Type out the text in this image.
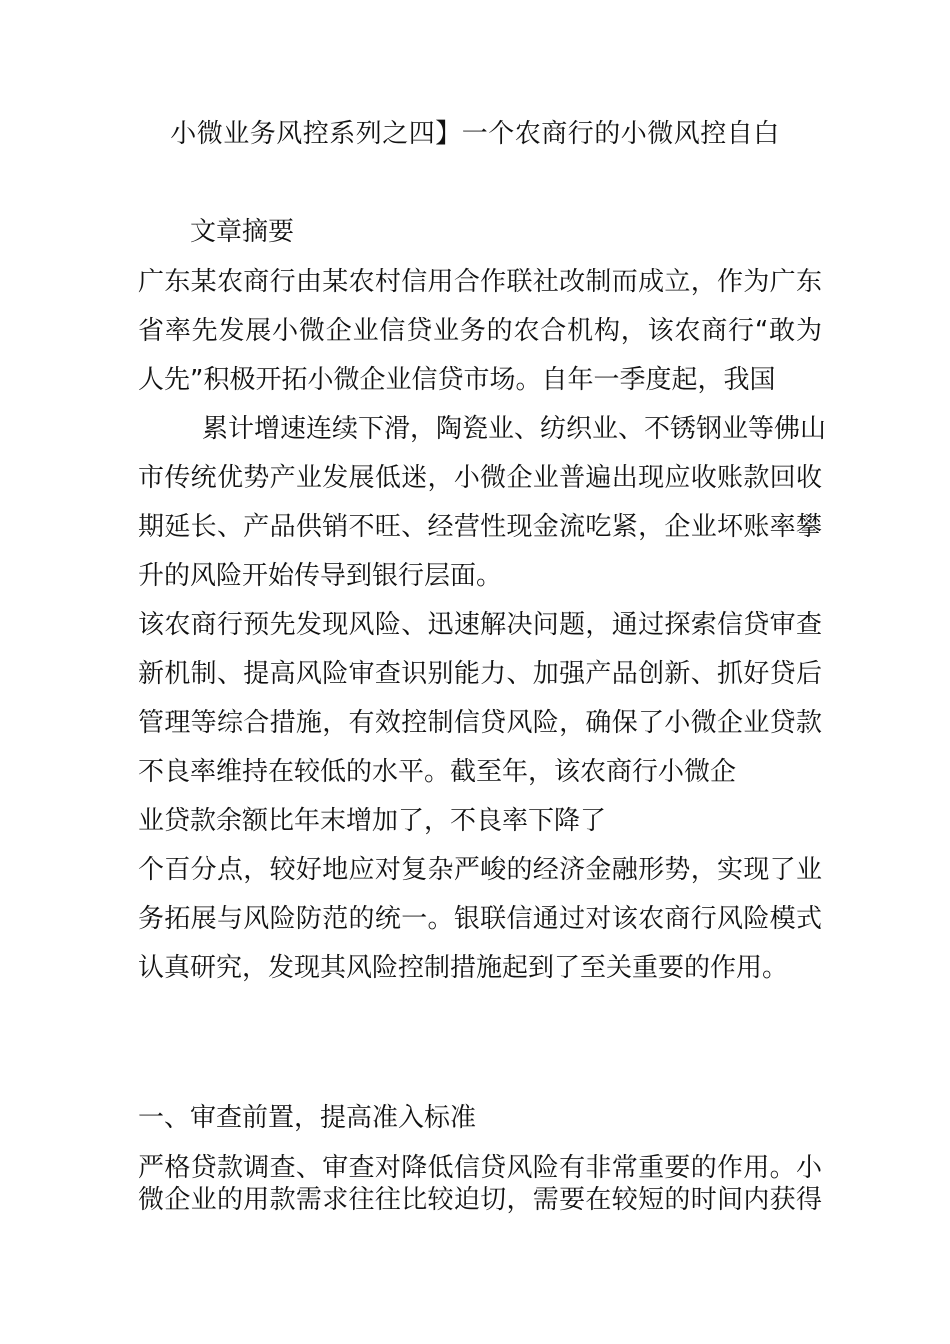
小微业务风控系列之四】一个农商行的小微风控自白
文章摘要
广东某农商行由某农村信用合作联社改制而成立，作为广东
省率先发展小微企业信贷业务的农合机构，该农商行“敢为
人先”积极开拓小微企业信贷市场。自年一季度起，我国
累计增速连续下滑，陶瓷业、纺织业、不锈钢业等佛山
市传统优势产业发展低迷，小微企业普遍出现应收账款回收
期延长、产品供销不旺、经营性现金流吃紧，企业坏账率攀
升的风险开始传导到银行层面。
该农商行预先发现风险、迅速解决问题，通过探索信贷审查
新机制、提高风险审查识别能力、加强产品创新、抓好贷后
管理等综合措施，有效控制信贷风险，确保了小微企业贷款
不良率维持在较低的水平。截至年，该农商行小微企
业贷款余额比年末增加了，不良率下降了
个百分点，较好地应对复杂严峻的经济金融形势，实现了业
务拓展与风险防范的统一。银联信通过对该农商行风险模式
认真研究，发现其风险控制措施起到了至关重要的作用。
一、审查前置，提高准入标准
严格贷款调查、审查对降低信贷风险有非常重要的作用。小
微企业的用款需求往往比较迫切，需要在较短的时间内获得
